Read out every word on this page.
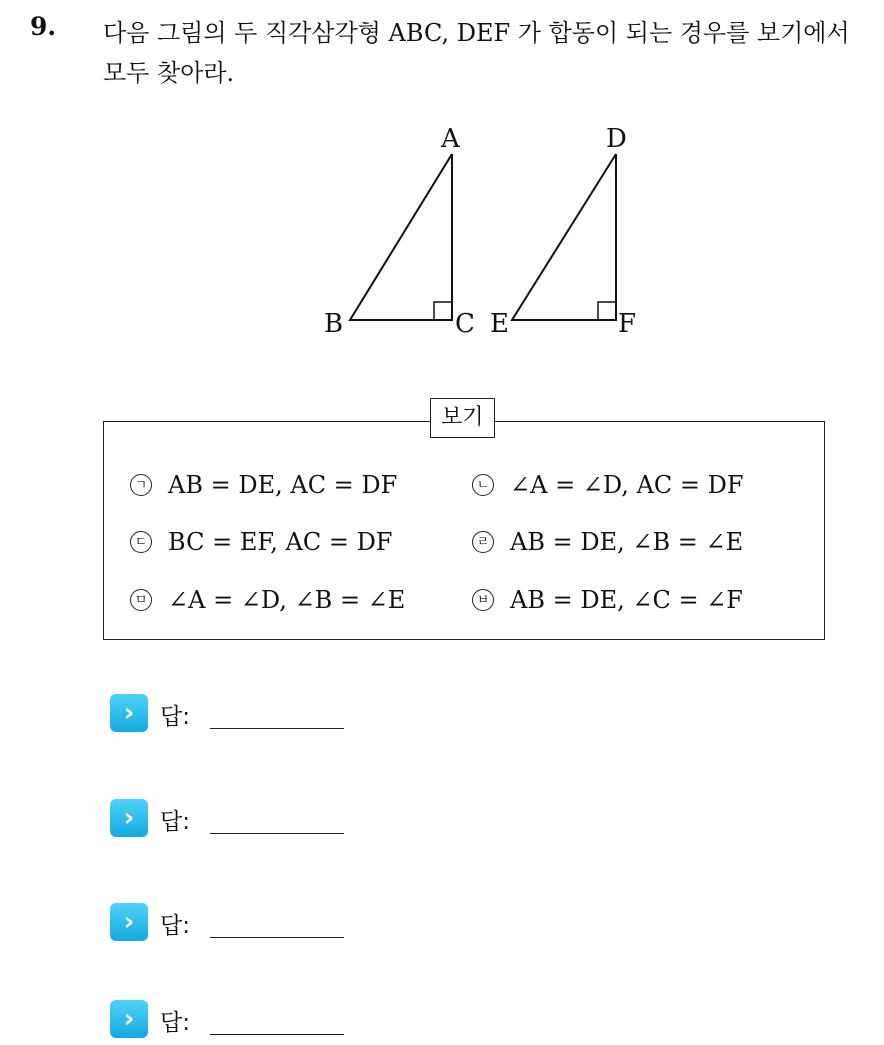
9. 다음 그림의 두 직각삼각형 ABC, DEF 가 합동이 되는 경우를 보기에서 모두 찾아라.
A
B	C
D
E	F
보기
ㄱ AB = DE, AC = DF	ㄴ ∠A = ∠D, AC = DF
ㄷ BC = EF, AC = DF	ㄹ AB = DE, ∠B = ∠E
ㅁ ∠A = ∠D, ∠B = ∠E	ㅂ AB = DE, ∠C = ∠F
›	답:
›	답:
›	답:
›	답:
